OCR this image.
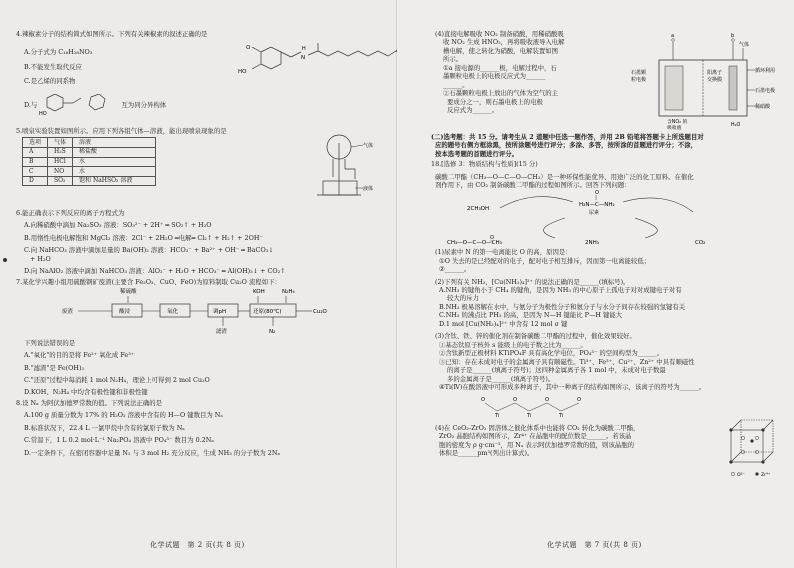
4.辣椒素分子的结构简式如图所示。下列有关辣椒素的叙述正确的是
A.分子式为 C₁₈H₂₈NO₃
B.不能发生取代反应
C.是乙烯的同系物
D.与
HO
互为同分异构体
HO
O
N
H
5.喷泉实验装置如图所示。应用下列各组气体—溶液，能出现喷泉现象的是
选项	气体	溶液
A	H₂S	稀盐酸
B	HCl	水
C	NO	水
D	SO₂	饱和 NaHSO₃ 溶液
气体
液体
6.能正确表示下列反应的离子方程式为
A.向稀硝酸中滴加 Na₂SO₃ 溶液：SO₃²⁻ + 2H⁺ ═ SO₂↑ + H₂O
B.用惰性电极电解饱和 MgCl₂ 溶液：2Cl⁻ + 2H₂O ═电解═ Cl₂↑ + H₂↑ + 2OH⁻
C.向 NaHCO₃ 溶液中滴加足量的 Ba(OH)₂ 溶液：HCO₃⁻ + Ba²⁺ + OH⁻ ═ BaCO₃↓
+ H₂O
D.向 NaAlO₂ 溶液中滴加 NaHCO₃ 溶液：AlO₂⁻ + H₂O + HCO₃⁻ ═ Al(OH)₃↓ + CO₂↑
7.某化学兴趣小组用硫酸钢矿废渣(主要含 Fe₂O₃、CuO、FeO)为原料制取 Cu₂O 流程如下：
稀硫酸	KOH	N₂H₄
废渣	酸浸	氧化	调pH	还原(80℃)	Cu₂O
滤渣	N₂
下列说法错误的是
A."氧化"的目的是将 Fe²⁺ 氧化成 Fe³⁺
B."滤渣"是 Fe(OH)₃
C."还原"过程中每消耗 1 mol N₂H₄，理论上可得到 2 mol Cu₂O
D.KOH、N₂H₄ 中均含有极性键和非极性键
8.设 Nₐ 为阿伏加德罗常数的值。下列说法正确的是
A.100 g 质量分数为 17% 的 H₂O₂ 溶液中含有的 H—O 键数目为 Nₐ
B.标准状况下，22.4 L 一氯甲烷中含有的氯原子数为 Nₐ
C.常温下，1 L 0.2 mol·L⁻¹ Na₂PO₄ 溶液中 PO₄³⁻ 数目为 0.2Nₐ
D.一定条件下，在密闭容器中足量 N₂ 与 3 mol H₂ 充分反应，生成 NH₃ 的分子数为 2Nₐ
化学试题　第 2 页(共 8 页)
(4)直接电解吸收 NO₂ 制备硝酸，用稀硝酸吸
收 NO₂ 生成 HNO₂，再将吸收液导入电解
槽电解，使之转化为硝酸，电解装置如图
所示。
①a 接电源的______极，电解过程中，石
墨颗粒电极上的电极反应式为______
______。
②石墨颗粒电极上放出的气体为空气的主
要成分之一，则石墨电极上的电极
反应式为______。
a	b
气体
石墨颗
粒电极
阳离子
交换膜
循环利用
石墨电极
稀硝酸
含NO₂ 的
吸收液
H₂O
(二)选考题：共 15 分。请考生从 2 道题中任选一题作答，并用 2B 铅笔将答题卡上所选题目对
应的题号右侧方框涂黑，按所涂题号进行评分；多涂、多答，按所涂的首题进行评分；不涂，
按本选考题的首题进行评分。
18.[选修 3：物质结构与性质](15 分)
碳酸二甲酯（CH₃—O—C—O—CH₃）是一种环保性能优异、用途广泛的化工原料。在催化
剂作用下，由 CO₂ 制备碳酸二甲酯的过程如图所示。回答下列问题：
2CH₃OH
O
H₂N—C—NH₂
尿素
O
CH₃—O—C—O—CH₃	2NH₃	CO₂
(1)尿素中 N 的第一电离能比 O 的高，原因是：
①O 失去的是已经配对的电子，配对电子相互排斥，因而第一电离能较低；
②______。
(2)下列有关 NH₃，[Cu(NH₃)₄]²⁺ 的说法正确的是______(填标号)。
A.NH₃ 的键角小于 CH₄ 的键角，是因为 NH₃ 的中心原子上孤电子对对成键电子对有
较大的斥力
B.NH₃ 极易溶解在水中，与氨分子为极性分子和氨分子与水分子间存在较强的氢键有关
C.NH₃ 的沸点比 PH₃ 的高，是因为 N—H 键能比 P—H 键能大
D.1 mol [Cu(NH₃)₄]²⁺ 中含有 12 mol σ 键
(3)含钛、铁、锌的催化剂在制备碳酸二甲酯的过程中，催化效果较好。
①基态钛原子核外 s 能级上的电子数之比为______。
②含钛新型正极材料 KTiPO₄F 具有高化学电位，PO₄³⁻ 的空间构型为______。
③已知：存在未成对电子的金属离子具有顺磁性。Ti³⁺、Fe³⁺、Cu²⁺、Zn²⁺ 中具有顺磁性
的离子是______(填离子符号)；这四种金属离子各 1 mol 中，未成对电子数最
多的金属离子是______(填离子符号)。
④Ti(Ⅳ)在酸溶液中可形成多种离子，其中一种离子的结构如图所示，该离子的符号为______。
O	O	O	O
Ti	Ti	Ti
(4)在 CeO₂-ZrO₂ 固溶体之催化体系中也能将 CO₂ 转化为碳酸二甲酯，
ZrO₂ 晶胞结构如图所示，Zr⁴⁺ 在晶胞中的配位数是______。若该晶
胞的密度为 ρ g·cm⁻³，用 Nₐ 表示阿伏加德罗常数的值，则该晶胞的
体积是______pm³(列出计算式)。
O²⁻	Zr⁴⁺
化学试题　第 7 页(共 8 页)
